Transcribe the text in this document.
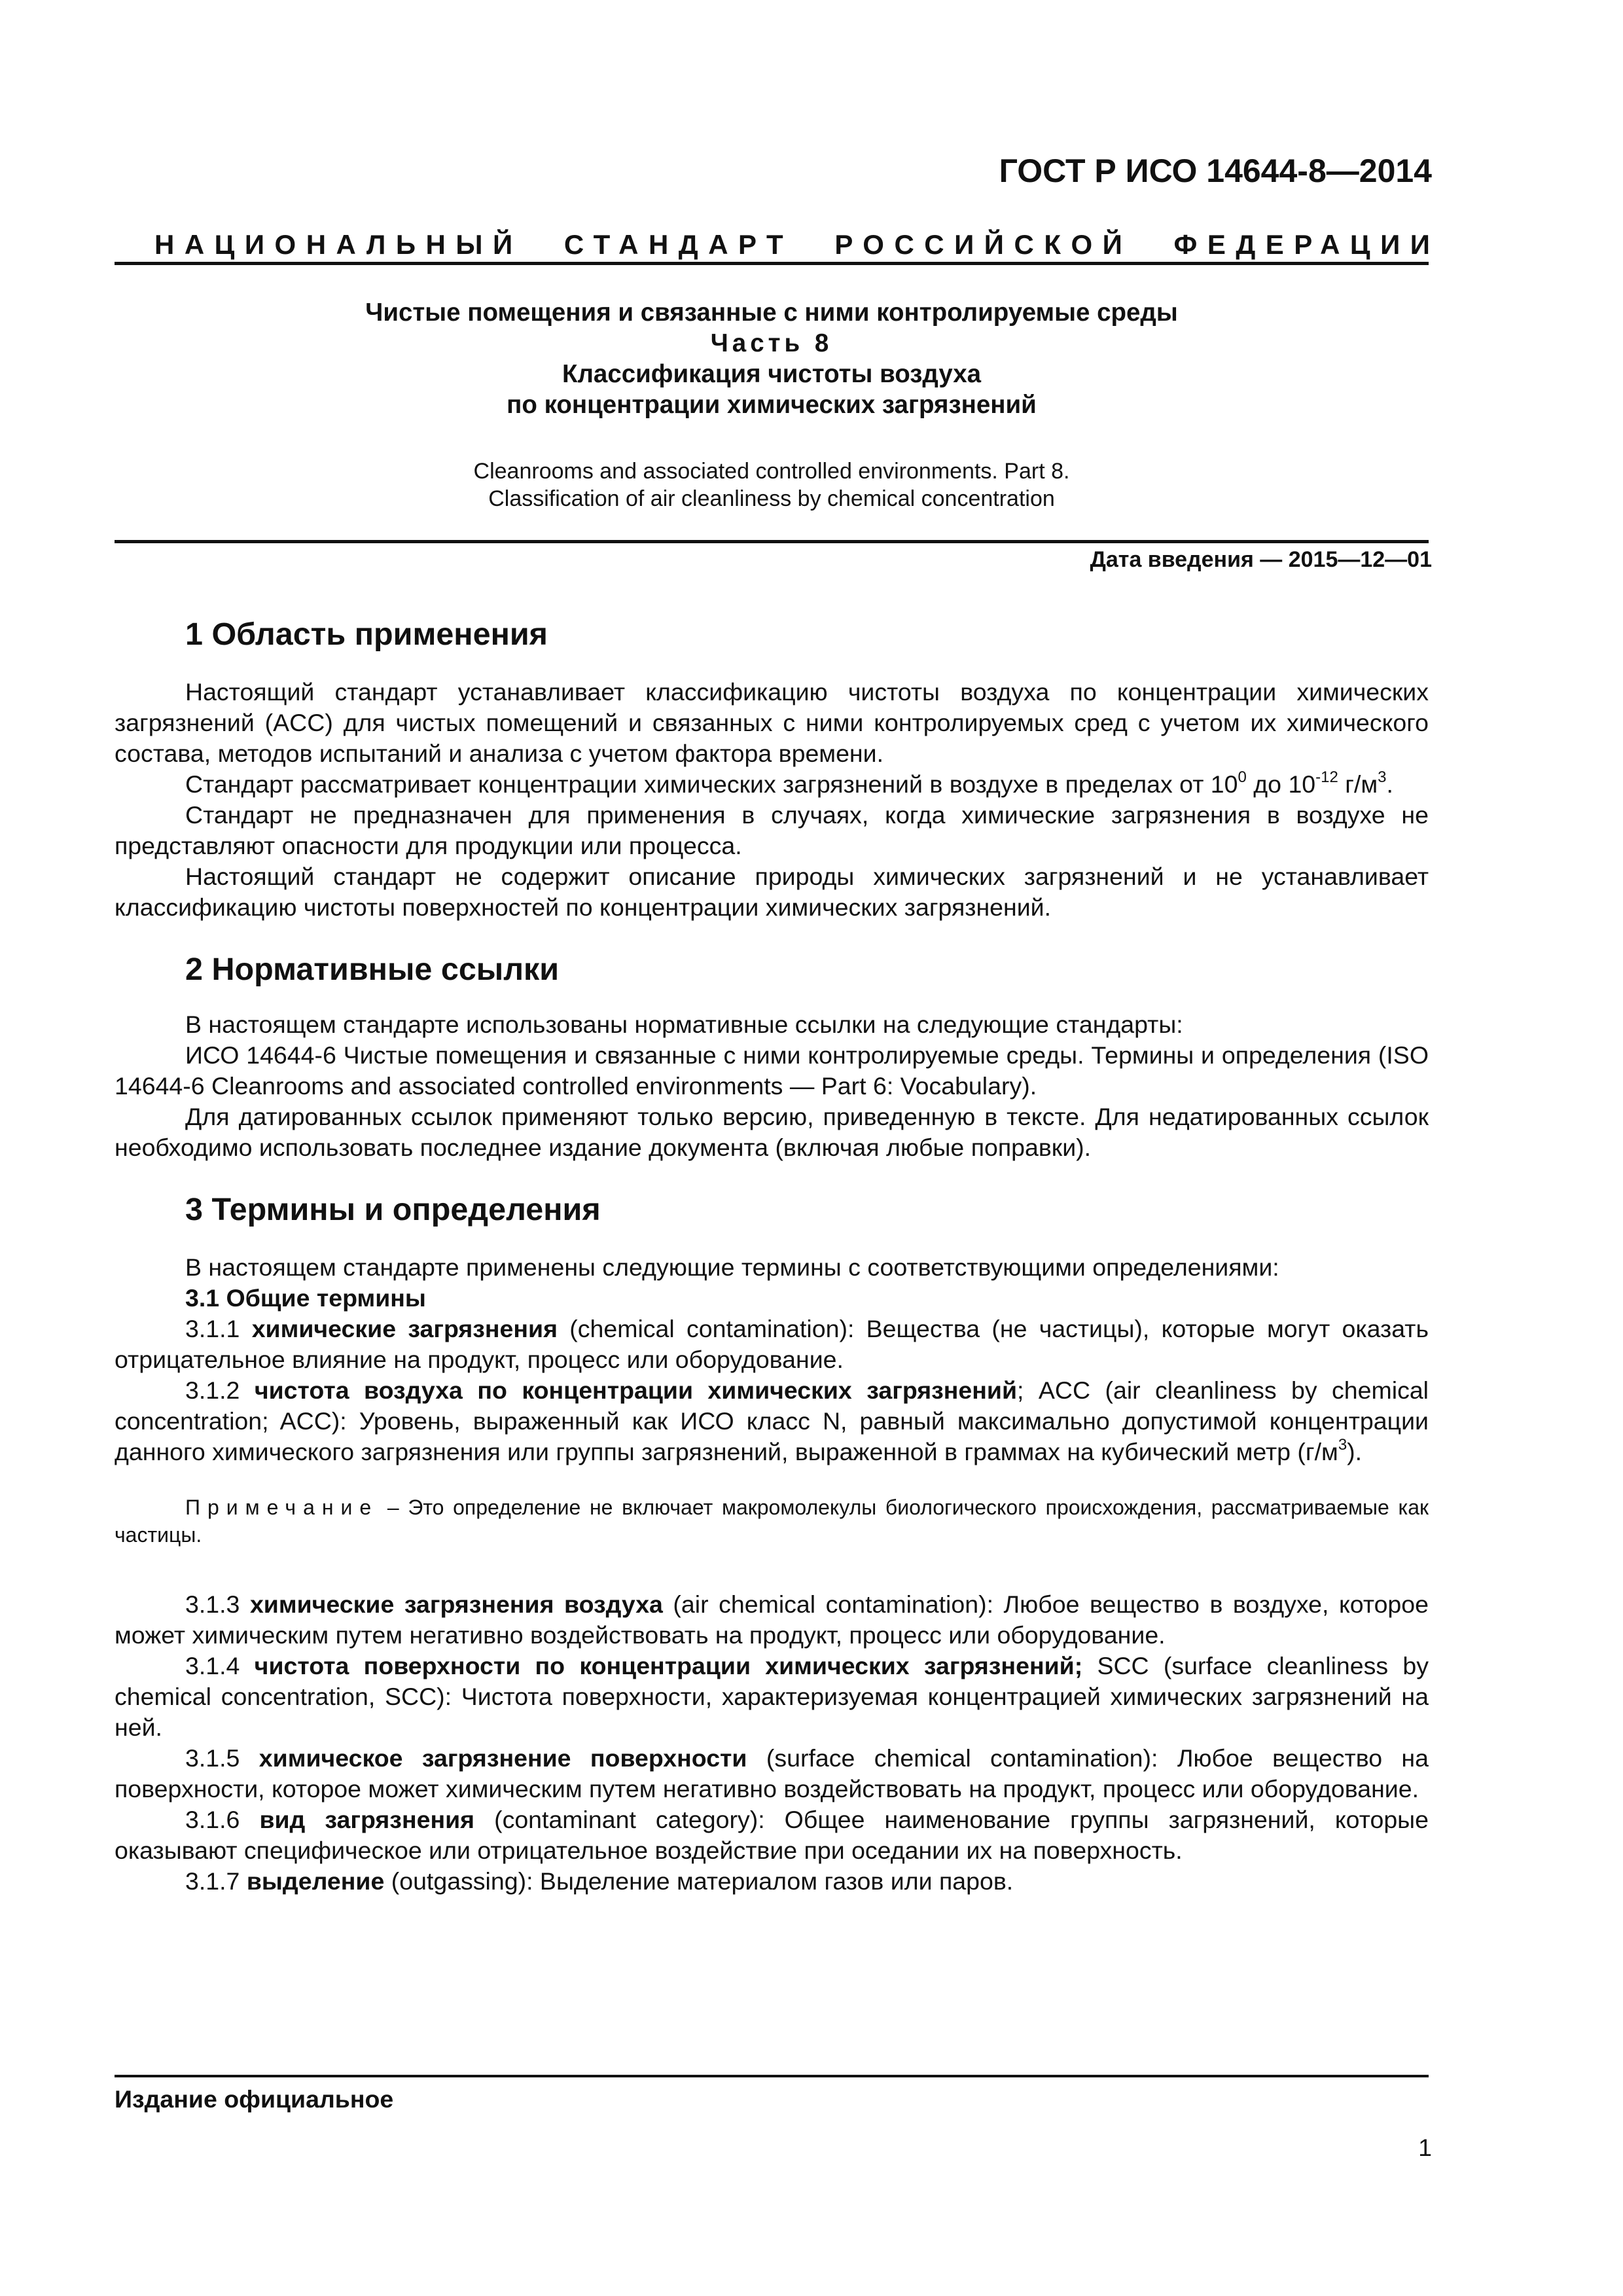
ГОСТ Р ИСО 14644-8—2014
НАЦИОНАЛЬНЫЙ СТАНДАРТ РОССИЙСКОЙ ФЕДЕРАЦИИ
Чистые помещения и связанные с ними контролируемые среды
Часть 8
Классификация чистоты воздуха
по концентрации химических загрязнений
Cleanrooms and associated controlled environments. Part 8.
Classification of air cleanliness by chemical concentration
Дата введения — 2015—12—01
1 Область применения

Настоящий стандарт устанавливает классификацию чистоты воздуха по концентрации химических загрязнений (ACC) для чистых помещений и связанных с ними контролируемых сред с учетом их химического состава, методов испытаний и анализа с учетом фактора времени.

Стандарт рассматривает концентрации химических загрязнений в воздухе в пределах от $10^0$ до $10^{-12}$ $г/м^3$.

Стандарт не предназначен для применения в случаях, когда химические загрязнения в воздухе не представляют опасности для продукции или процесса.

Настоящий стандарт не содержит описание природы химических загрязнений и не устанавливает классификацию чистоты поверхностей по концентрации химических загрязнений.

2 Нормативные ссылки

В настоящем стандарте использованы нормативные ссылки на следующие стандарты:

ИСО 14644-6 Чистые помещения и связанные с ними контролируемые среды. Термины и определения (ISO 14644-6 Cleanrooms and associated controlled environments — Part 6: Vocabulary).

Для датированных ссылок применяют только версию, приведенную в тексте. Для недатированных ссылок необходимо использовать последнее издание документа (включая любые поправки).

3 Термины и определения

В настоящем стандарте применены следующие термины с соответствующими определениями:

3.1 Общие термины

3.1.1 химические загрязнения (chemical contamination): Вещества (не частицы), которые могут оказать отрицательное влияние на продукт, процесс или оборудование.

3.1.2 чистота воздуха по концентрации химических загрязнений; ACC (air cleanliness by chemical concentration; ACC): Уровень, выраженный как ИСО класс N, равный максимально допустимой концентрации данного химического загрязнения или группы загрязнений, выраженной в граммах на кубический метр $(г/м^3)$.

Примечание – Это определение не включает макромолекулы биологического происхождения, рассматриваемые как частицы.

3.1.3 химические загрязнения воздуха (air chemical contamination): Любое вещество в воздухе, которое может химическим путем негативно воздействовать на продукт, процесс или оборудование.

3.1.4 чистота поверхности по концентрации химических загрязнений; SCC (surface cleanliness by chemical concentration, SCC): Чистота поверхности, характеризуемая концентрацией химических загрязнений на ней.

3.1.5 химическое загрязнение поверхности (surface chemical contamination): Любое вещество на поверхности, которое может химическим путем негативно воздействовать на продукт, процесс или оборудование.

3.1.6 вид загрязнения (contaminant category): Общее наименование группы загрязнений, которые оказывают специфическое или отрицательное воздействие при оседании их на поверхность.

3.1.7 выделение (outgassing): Выделение материалом газов или паров.

Издание официальное
1
